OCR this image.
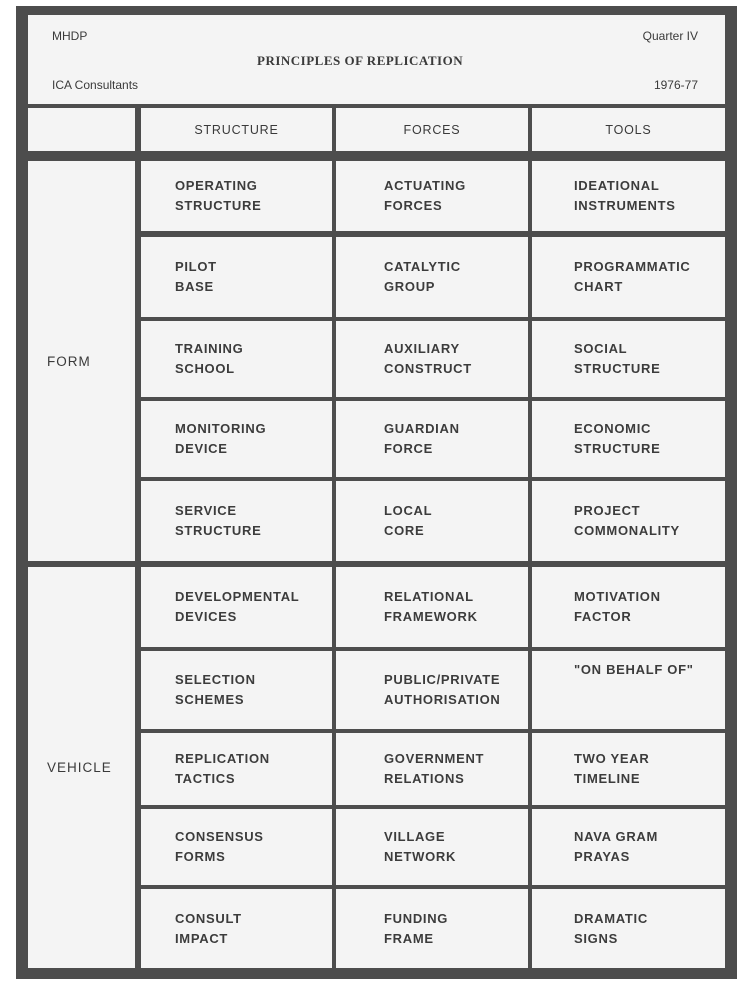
MHDP
ICA Consultants
PRINCIPLES OF REPLICATION
Quarter IV
1976-77
STRUCTURE	FORCES	TOOLS
FORM
VEHICLE
OPERATING
STRUCTURE
ACTUATING
FORCES
IDEATIONAL
INSTRUMENTS
PILOT
BASE
CATALYTIC
GROUP
PROGRAMMATIC
CHART
TRAINING
SCHOOL
AUXILIARY
CONSTRUCT
SOCIAL
STRUCTURE
MONITORING
DEVICE
GUARDIAN
FORCE
ECONOMIC
STRUCTURE
SERVICE
STRUCTURE
LOCAL
CORE
PROJECT
COMMONALITY
DEVELOPMENTAL
DEVICES
RELATIONAL
FRAMEWORK
MOTIVATION
FACTOR
SELECTION
SCHEMES
PUBLIC/PRIVATE
AUTHORISATION
"ON BEHALF OF"
REPLICATION
TACTICS
GOVERNMENT
RELATIONS
TWO YEAR
TIMELINE
CONSENSUS
FORMS
VILLAGE
NETWORK
NAVA GRAM
PRAYAS
CONSULT
IMPACT
FUNDING
FRAME
DRAMATIC
SIGNS
